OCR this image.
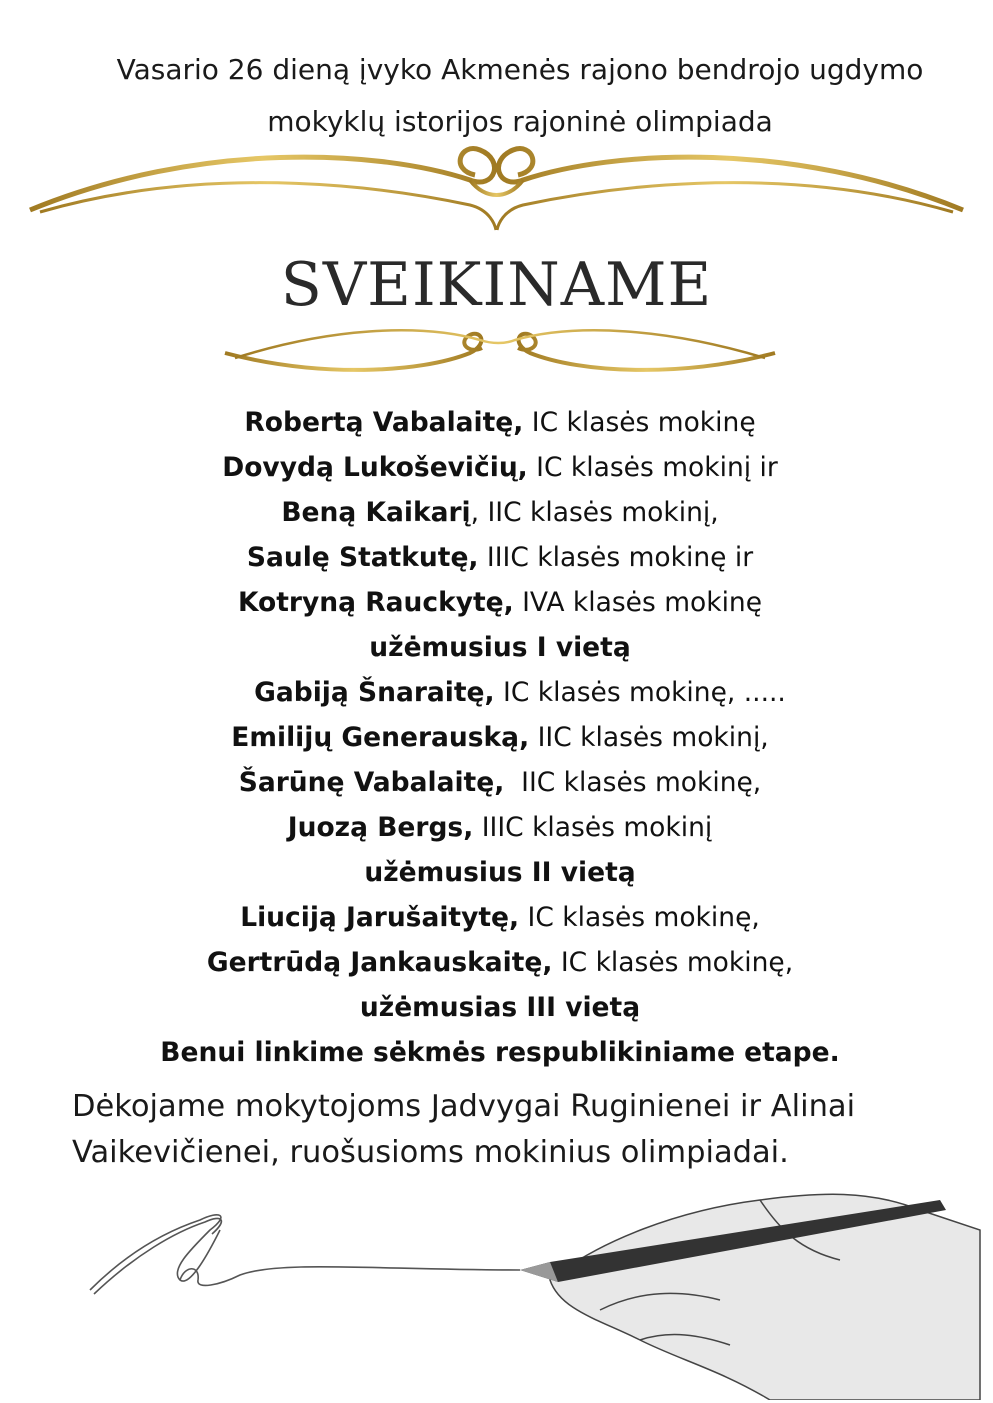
Vasario 26 dieną įvyko Akmenės rajono bendrojo ugdymo
mokyklų istorijos rajoninė olimpiada
SVEIKINAME
Robertą Vabalaitę, IC klasės mokinę
Dovydą Lukoševičių, IC klasės mokinį ir
Beną Kaikarį, IIC klasės mokinį,
Saulę Statkutę, IIIC klasės mokinę ir
Kotryną Rauckytę, IVA klasės mokinę
užėmusius I vietą
Gabiją Šnaraitę, IC klasės mokinę, .....
Emilijų Generauską, IIC klasės mokinį,
Šarūnę Vabalaitę,  IIC klasės mokinę,
Juozą Bergs, IIIC klasės mokinį
užėmusius II vietą
Liuciją Jarušaitytę, IC klasės mokinę,
Gertrūdą Jankauskaitę, IC klasės mokinę,
užėmusias III vietą
Benui linkime sėkmės respublikiniame etape.
Dėkojame mokytojoms Jadvygai Ruginienei ir Alinai
Vaikevičienei, ruošusioms mokinius olimpiadai.
